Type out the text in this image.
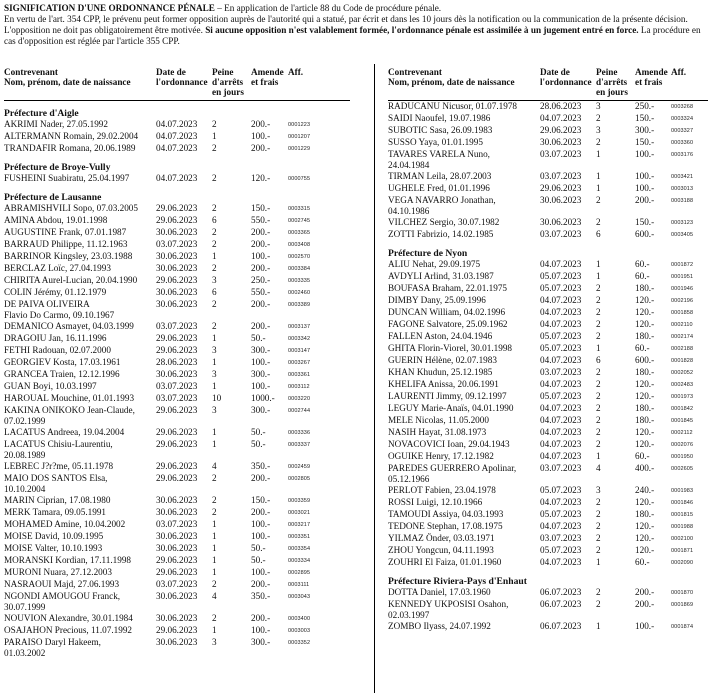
SIGNIFICATION D'UNE ORDONNANCE PÉNALE – En application de l'article 88 du Code de procédure pénale.

En vertu de l'art. 354 CPP, le prévenu peut former opposition auprès de l'autorité qui a statué, par écrit et dans les 10 jours dès la notification ou la communication de la présente décision. L'opposition ne doit pas obligatoirement être motivée. Si aucune opposition n'est valablement formée, l'ordonnance pénale est assimilée à un jugement entré en force. La procédure en cas d'opposition est réglée par l'article 355 CPP.

Contrevenant
Nom, prénom, date de naissance	Date de
l'ordonnance	Peine
d'arrêts
en jours	Amende
et frais	Aff.
Préfecture d'Aigle				
AKRIMI Nader, 27.05.1992	04.07.2023	2	200.-	0001223
ALTERMANN Romain, 29.02.2004	04.07.2023	1	100.-	0001207
TRANDAFIR Romana, 20.06.1989	04.07.2023	2	200.-	0001229
Préfecture de Broye-Vully				
FUSHEINI Suabiratu, 25.04.1997	04.07.2023	2	120.-	0000755
Préfecture de Lausanne				
ABRAMISHVILI Sopo, 07.03.2005	29.06.2023	2	150.-	0003315
AMINA Abdou, 19.01.1998	29.06.2023	6	550.-	0002745
AUGUSTINE Frank, 07.01.1987	30.06.2023	2	200.-	0003365
BARRAUD Philippe, 11.12.1963	03.07.2023	2	200.-	0003408
BARRINOR Kingsley, 23.03.1988	30.06.2023	1	100.-	0002570
BERCLAZ Loïc, 27.04.1993	30.06.2023	2	200.-	0003384
CHIRITA Aurel-Lucian, 20.04.1990	29.06.2023	3	250.-	0003335
COLIN Jérémy, 01.12.1979	30.06.2023	6	550.-	0002460
DE PAIVA OLIVEIRA
Flavio Do Carmo, 09.10.1967	30.06.2023	2	200.-	0003389
DEMANICO Asmayet, 04.03.1999	03.07.2023	2	200.-	0003137
DRAGOIU Jan, 16.11.1996	29.06.2023	1	50.-	0003342
FETHI Radouan, 02.07.2000	29.06.2023	3	300.-	0003147
GEORGIEV Kosta, 17.03.1961	28.06.2023	1	100.-	0003267
GRANCEA Traien, 12.12.1996	30.06.2023	3	300.-	0003361
GUAN Boyi, 10.03.1997	03.07.2023	1	100.-	0003112
HAROUAL Mouchine, 01.01.1993	03.07.2023	10	1000.-	0003220
KAKINA ONIKOKO Jean-Claude,
07.02.1999	29.06.2023	3	300.-	0002744
LACATUS Andreea, 19.04.2004	29.06.2023	1	50.-	0003336
LACATUS Chisiu-Laurentiu,
20.08.1989	29.06.2023	1	50.-	0003337
LEBREC J?r?me, 05.11.1978	29.06.2023	4	350.-	0002459
MAIO DOS SANTOS Elsa,
10.10.2004	29.06.2023	2	200.-	0002805
MARIN Ciprian, 17.08.1980	30.06.2023	2	150.-	0003359
MERK Tamara, 09.05.1991	30.06.2023	2	200.-	0003021
MOHAMED Amine, 10.04.2002	03.07.2023	1	100.-	0003217
MOISE David, 10.09.1995	30.06.2023	1	100.-	0003351
MOISE Valter, 10.10.1993	30.06.2023	1	50.-	0003354
MORANSKI Kordian, 17.11.1998	29.06.2023	1	50.-	0003334
MURONI Nuara, 27.12.2003	29.06.2023	1	100.-	0002895
NASRAOUI Majd, 27.06.1993	03.07.2023	2	200.-	0003111
NGONDI AMOUGOU Franck,
30.07.1999	30.06.2023	4	350.-	0003043
NOUVION Alexandre, 30.01.1984	30.06.2023	2	200.-	0003400
OSAJAHON Precious, 11.07.1992	29.06.2023	1	100.-	0003003
PARAISO Daryl Hakeem,
01.03.2002	30.06.2023	3	300.-	0003352
Contrevenant
Nom, prénom, date de naissance	Date de
l'ordonnance	Peine
d'arrêts
en jours	Amende
et frais	Aff.
RADUCANU Nicusor, 01.07.1978	28.06.2023	3	250.-	0003268
SAIDI Naoufel, 19.07.1986	04.07.2023	2	150.-	0003324
SUBOTIC Sasa, 26.09.1983	29.06.2023	3	300.-	0003327
SUSSO Yaya, 01.01.1995	30.06.2023	2	150.-	0003360
TAVARES VARELA Nuno,
24.04.1984	03.07.2023	1	100.-	0003176
TIRMAN Leila, 28.07.2003	03.07.2023	1	100.-	0003421
UGHELE Fred, 01.01.1996	29.06.2023	1	100.-	0003013
VEGA NAVARRO Jonathan,
04.10.1986	30.06.2023	2	200.-	0003188
VILCHEZ Sergio, 30.07.1982	30.06.2023	2	150.-	0003123
ZOTTI Fabrizio, 14.02.1985	03.07.2023	6	600.-	0003405
Préfecture de Nyon				
ALIU Nehat, 29.09.1975	04.07.2023	1	60.-	0001872
AVDYLI Arlind, 31.03.1987	05.07.2023	1	60.-	0001951
BOUFASA Braham, 22.01.1975	05.07.2023	2	180.-	0001946
DIMBY Dany, 25.09.1996	04.07.2023	2	120.-	0002196
DUNCAN William, 04.02.1996	04.07.2023	2	120.-	0001858
FAGONE Salvatore, 25.09.1962	04.07.2023	2	120.-	0002110
FALLEN Aston, 24.04.1946	05.07.2023	2	180.-	0002174
GHITA Florin-Viorel, 30.01.1998	05.07.2023	1	60.-	0002188
GUERIN Hélène, 02.07.1983	04.07.2023	6	600.-	0001828
KHAN Khudun, 25.12.1985	03.07.2023	2	180.-	0002052
KHELIFA Anissa, 20.06.1991	04.07.2023	2	120.-	0002483
LAURENTI Jimmy, 09.12.1997	05.07.2023	2	120.-	0001973
LEGUY Marie-Anaïs, 04.01.1990	04.07.2023	2	180.-	0001842
MELE Nicolas, 11.05.2000	04.07.2023	2	180.-	0001845
NASIH Hayat, 31.08.1973	04.07.2023	2	120.-	0002112
NOVACOVICI Ioan, 29.04.1943	04.07.2023	2	120.-	0002076
OGUIKE Henry, 17.12.1982	04.07.2023	1	60.-	0001950
PAREDES GUERRERO Apolinar,
05.12.1966	03.07.2023	4	400.-	0002605
PERLOT Fabien, 23.04.1978	05.07.2023	3	240.-	0001983
ROSSI Luigi, 12.10.1966	04.07.2023	2	120.-	0001846
TAMOUDI Assiya, 04.03.1993	05.07.2023	2	180.-	0001815
TEDONE Stephan, 17.08.1975	04.07.2023	2	120.-	0001988
YILMAZ Önder, 03.03.1971	03.07.2023	2	120.-	0002100
ZHOU Yongcun, 04.11.1993	05.07.2023	2	120.-	0001871
ZOUHRI El Faiza, 01.01.1960	04.07.2023	1	60.-	0002090
Préfecture Riviera-Pays d'Enhaut				
DOTTA Daniel, 17.03.1960	06.07.2023	2	200.-	0001870
KENNEDY UKPOSISI Osahon,
02.03.1997	06.07.2023	2	200.-	0001869
ZOMBO Ilyass, 24.07.1992	06.07.2023	1	100.-	0001874
